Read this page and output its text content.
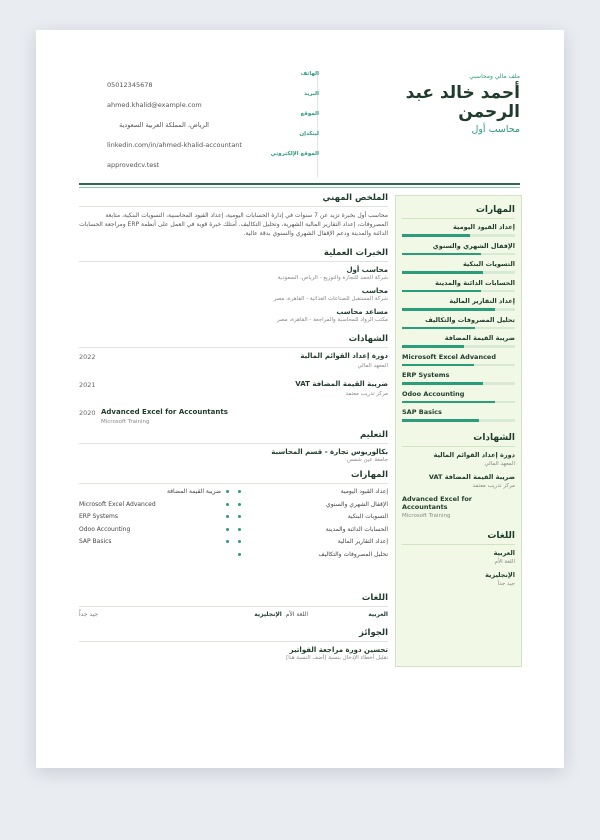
ملف مالي ومحاسبي
أحمد خالد عبد الرحمن
محاسب أول
الهاتف
05012345678
البريد
ahmed.khalid@example.com
الموقع
الرياض، المملكة العربية السعودية
لينكدإن
linkedin.com/in/ahmed-khalid-accountant
الموقع الإلكتروني
approvedcv.test
الملخص المهني
محاسب أول بخبرة تزيد عن 7 سنوات في إدارة الحسابات اليومية، إعداد القيود المحاسبية، التسويات البنكية، متابعة المصروفات، إعداد التقارير المالية الشهرية، وتحليل التكاليف. أمتلك خبرة قوية في العمل على أنظمة ERP ومراجعة الحسابات الدائنة والمدينة ودعم الإقفال الشهري والسنوي بدقة عالية.
الخبرات العملية
محاسب أول
شركة الحمد للتجارة والتوزيع - الرياض، السعودية
محاسب
شركة المستقبل للصناعات الغذائية - القاهرة، مصر
مساعد محاسب
مكتب الرواد للمحاسبة والمراجعة - القاهرة، مصر
الشهادات
2022	دورة إعداد القوائم المالية
المعهد المالي
2021	ضريبة القيمة المضافة VAT
مركز تدريب معتمد
2020 Advanced Excel for Accountants
Microsoft Training
التعليم
بكالوريوس تجارة - قسم المحاسبة
جامعة عين شمس
المهارات
إعداد القيود اليومية
الإقفال الشهري والسنوي
التسويات البنكية
الحسابات الدائنة والمدينة
إعداد التقارير المالية
تحليل المصروفات والتكاليف
ضريبة القيمة المضافة
Microsoft Excel Advanced
ERP Systems
Odoo Accounting
SAP Basics
اللغات
العربية
اللغة الأم  الإنجليزية
جيد جداً
الجوائز
تحسين دورة مراجعة الفواتير
تقليل أخطاء الإدخال بنسبة [أضف النسبة هنا]
المهارات
إعداد القيود اليومية
الإقفال الشهري والسنوي
التسويات البنكية
الحسابات الدائنة والمدينة
إعداد التقارير المالية
تحليل المصروفات والتكاليف
ضريبة القيمة المضافة
Microsoft Excel Advanced
ERP Systems
Odoo Accounting
SAP Basics
الشهادات
دورة إعداد القوائم المالية
المعهد المالي
ضريبة القيمة المضافة VAT
مركز تدريب معتمد
Advanced Excel for Accountants
Microsoft Training
اللغات
العربية
اللغة الأم
الإنجليزية
جيد جداً
